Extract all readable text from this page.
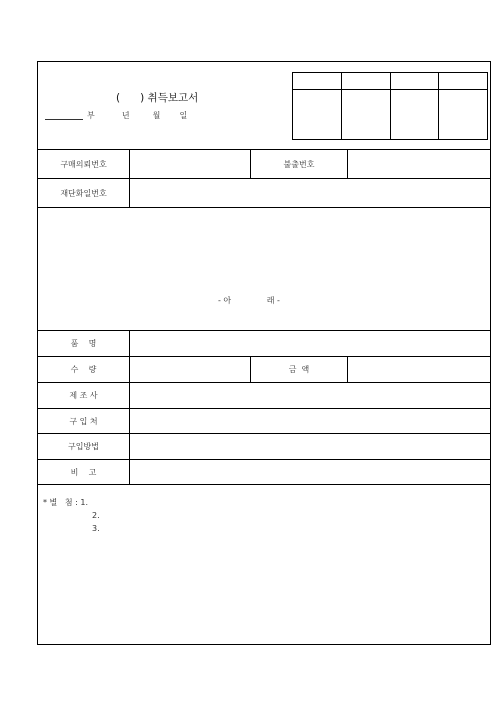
(      ) 취득보고서
부	년	월 일

구매의뢰번호	불출번호
재단화일번호
- 아              래 -
품    명
수    량	금  액
제 조 사
구 입 처
구입방법
비    고
* 별   첨 : 1.
2.
3.
